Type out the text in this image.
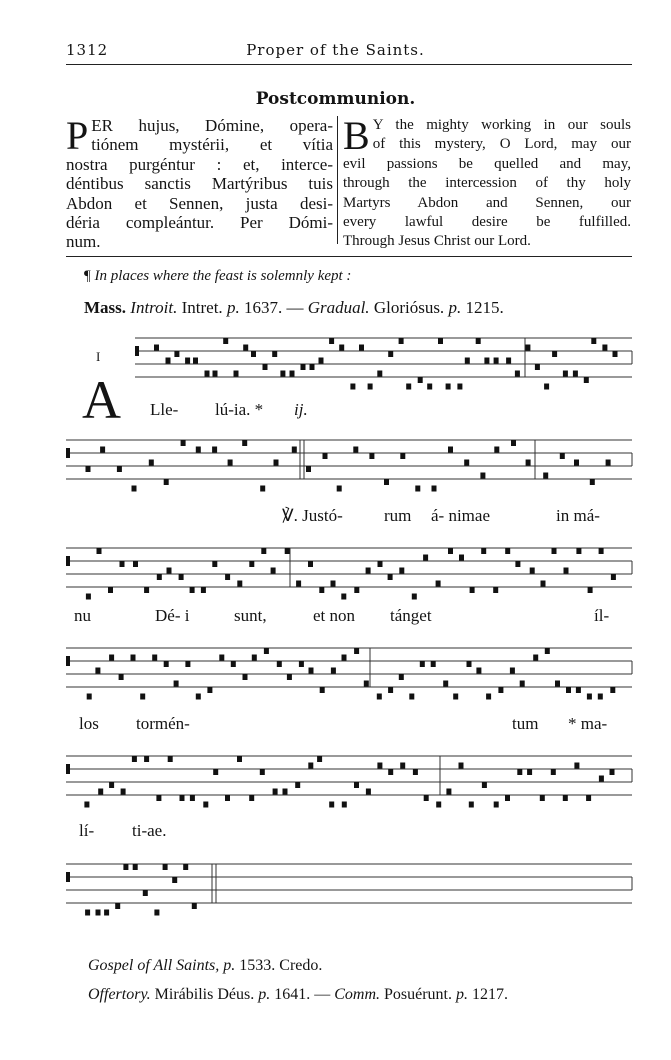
1312	Proper of the Saints.
Postcommunion.
P ER hujus, Dómine, opera-
tiónem mystérii, et vítia
nostra purgéntur : et, interce-
déntibus sanctis Martýribus tuis
Abdon et Sennen, justa desi-
déria compleántur. Per Dómi-
num.
B Y the mighty working in our souls
of this mystery, O Lord, may our
evil passions be quelled and may,
through the intercession of thy holy
Martyrs Abdon and Sennen, our
every lawful desire be fulfilled.
Through Jesus Christ our Lord.
¶ In places where the feast is solemnly kept :
Mass. Introit. Intret. p. 1637. — Gradual. Gloriósus. p. 1215.
I
A Lle- lú-ia. * ij.
℣. Justó- rum á- nimae	in má-
nu	Dé- i	sunt,	et non tánget	íl-
los tormén-	tum * ma-
lí- ti-ae.
Gospel of All Saints, p. 1533. Credo.
Offertory. Mirábilis Déus. p. 1641. — Comm. Posuérunt. p. 1217.
